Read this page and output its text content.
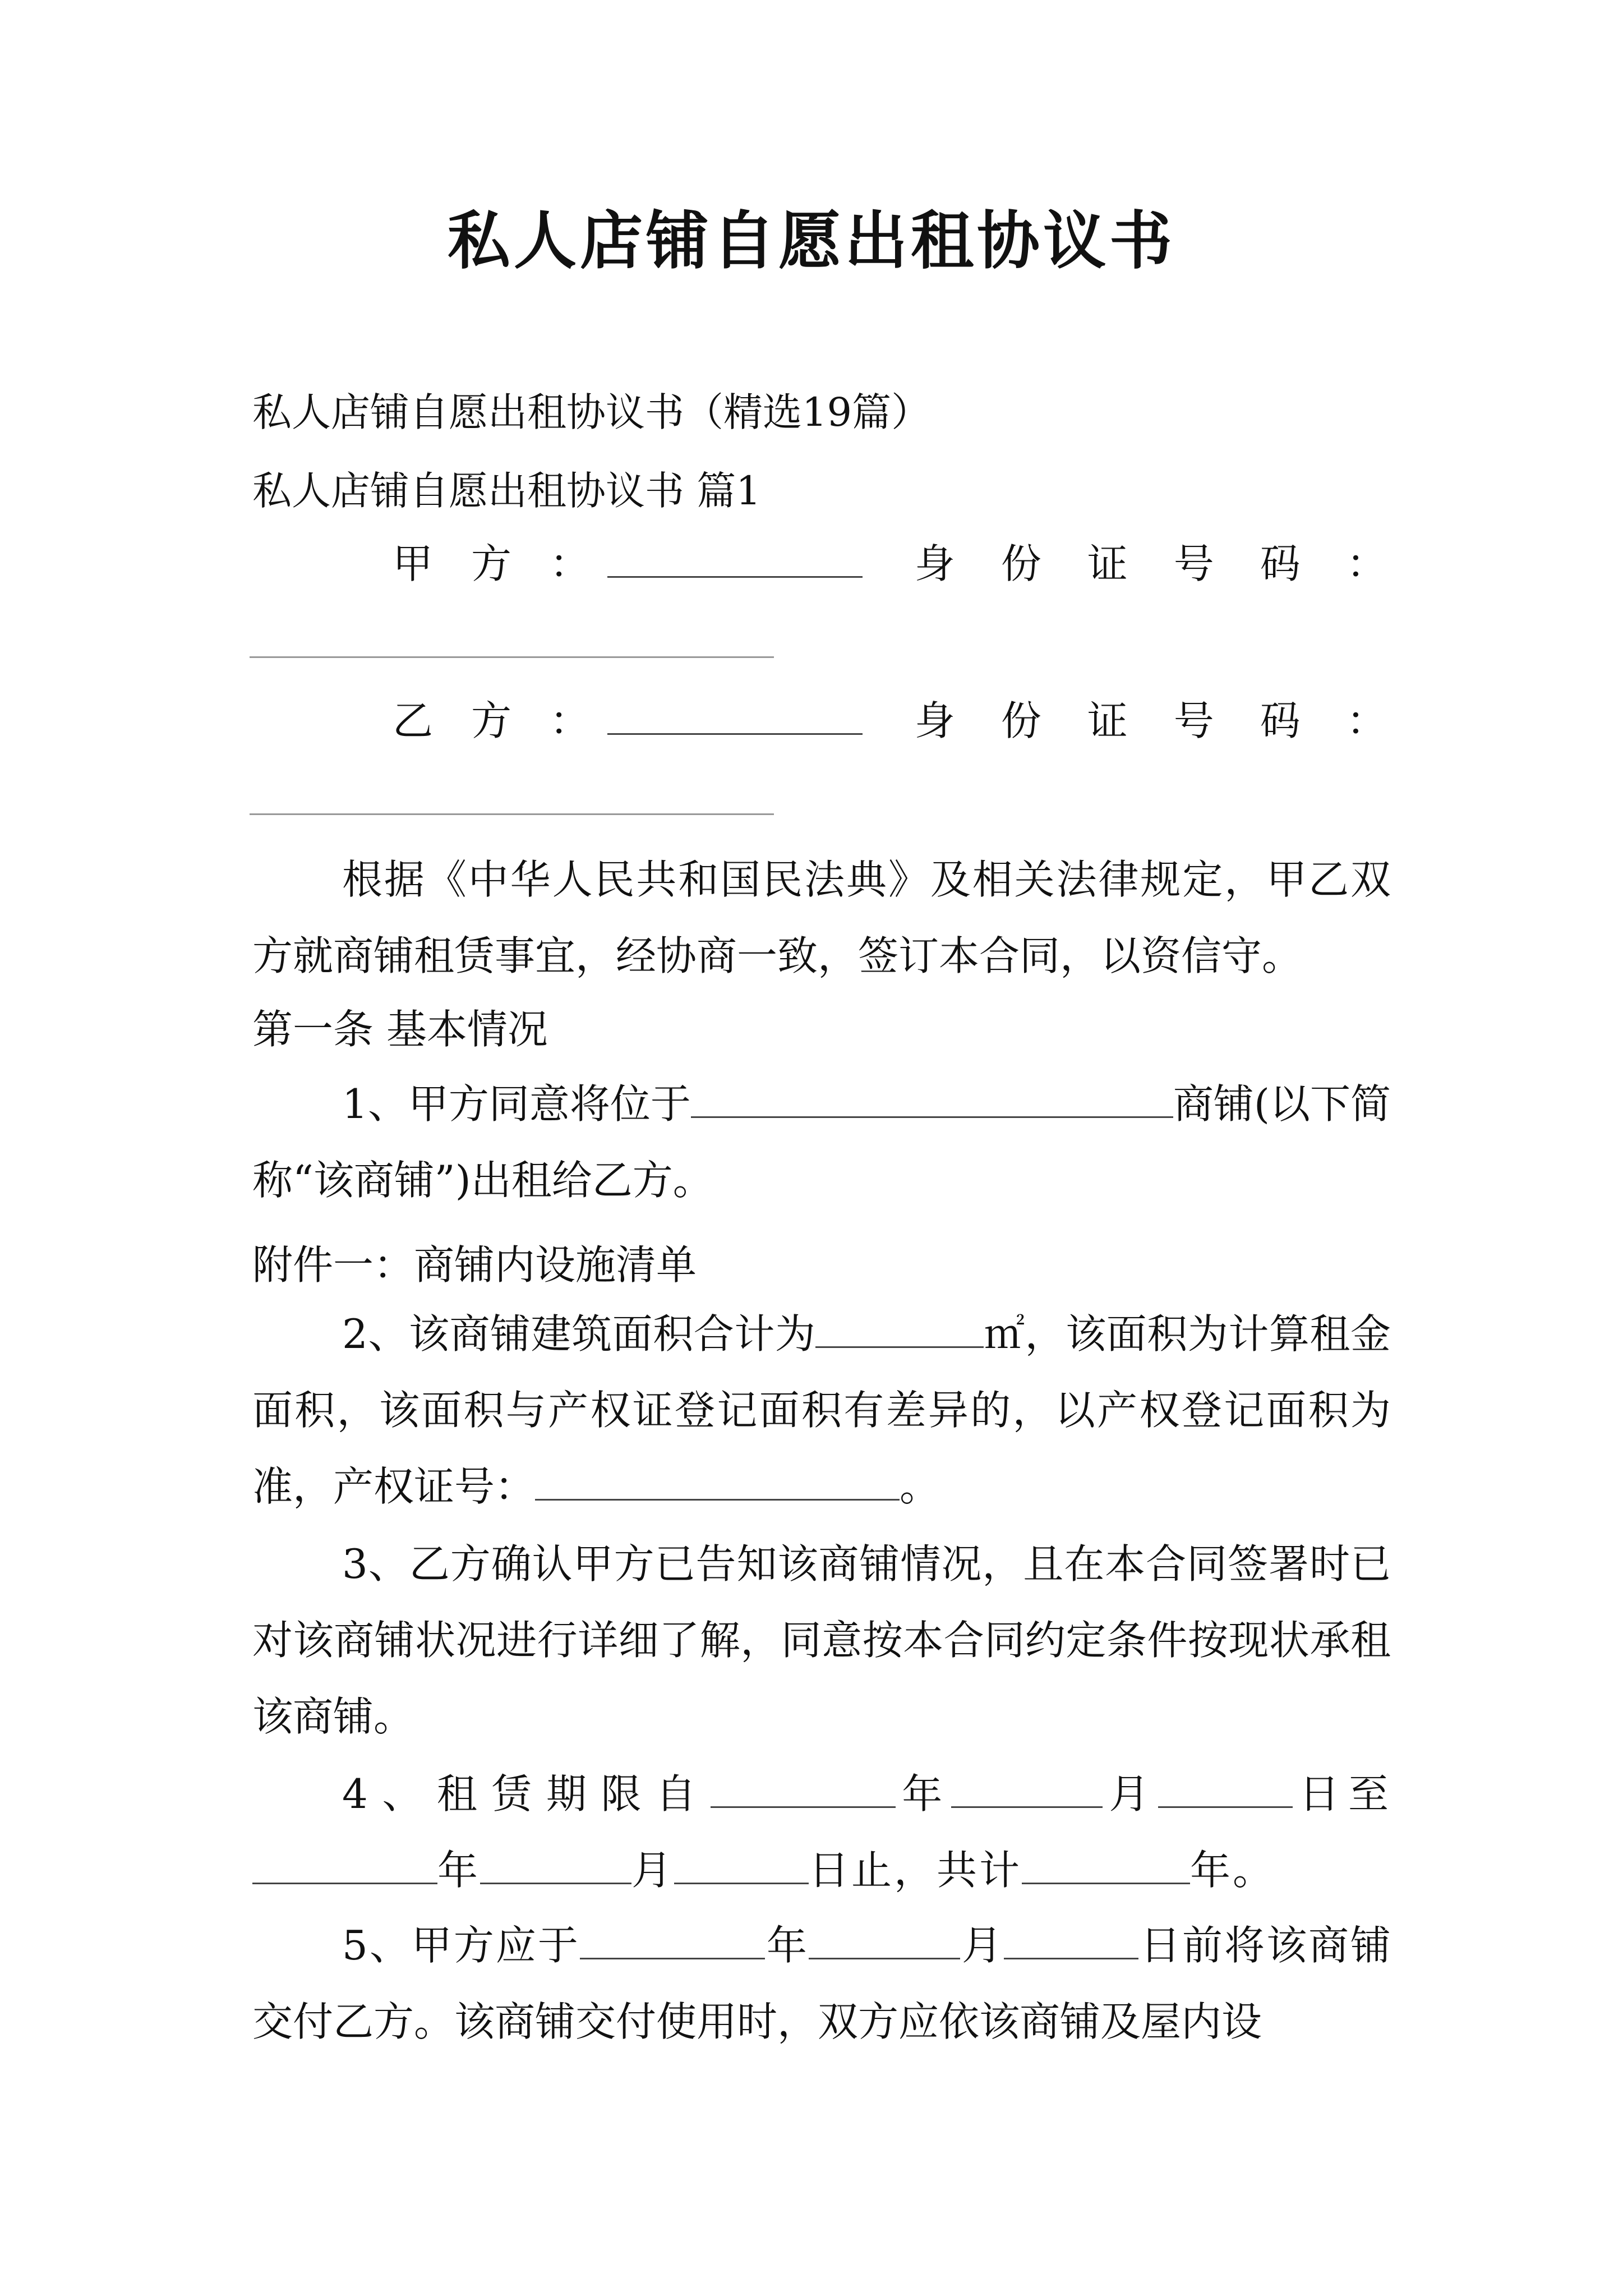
私人店铺自愿出租协议书
私人店铺自愿出租协议书（精选19篇）
私人店铺自愿出租协议书 篇1
甲方：	身份证号码：
乙方：	身份证号码：
根据《中华人民共和国民法典》及相关法律规定，甲乙双方就商铺租赁事宜，经协商一致，签订本合同，以资信守。
第一条 基本情况
1、甲方同意将位于	商铺(以下简称“该商铺”)出租给乙方。
附件一：商铺内设施清单
2、该商铺建筑面积合计为	㎡，该面积为计算租金面积，该面积与产权证登记面积有差异的，以产权登记面积为准，产权证号：	。
3、乙方确认甲方已告知该商铺情况，且在本合同签署时已对该商铺状况进行详细了解，同意按本合同约定条件按现状承租该商铺。
4、租赁期限自	年	月	日至年	月	日止，共计	年。
5、甲方应于	年	月	日前将该商铺交付乙方。该商铺交付使用时，双方应依该商铺及屋内设
